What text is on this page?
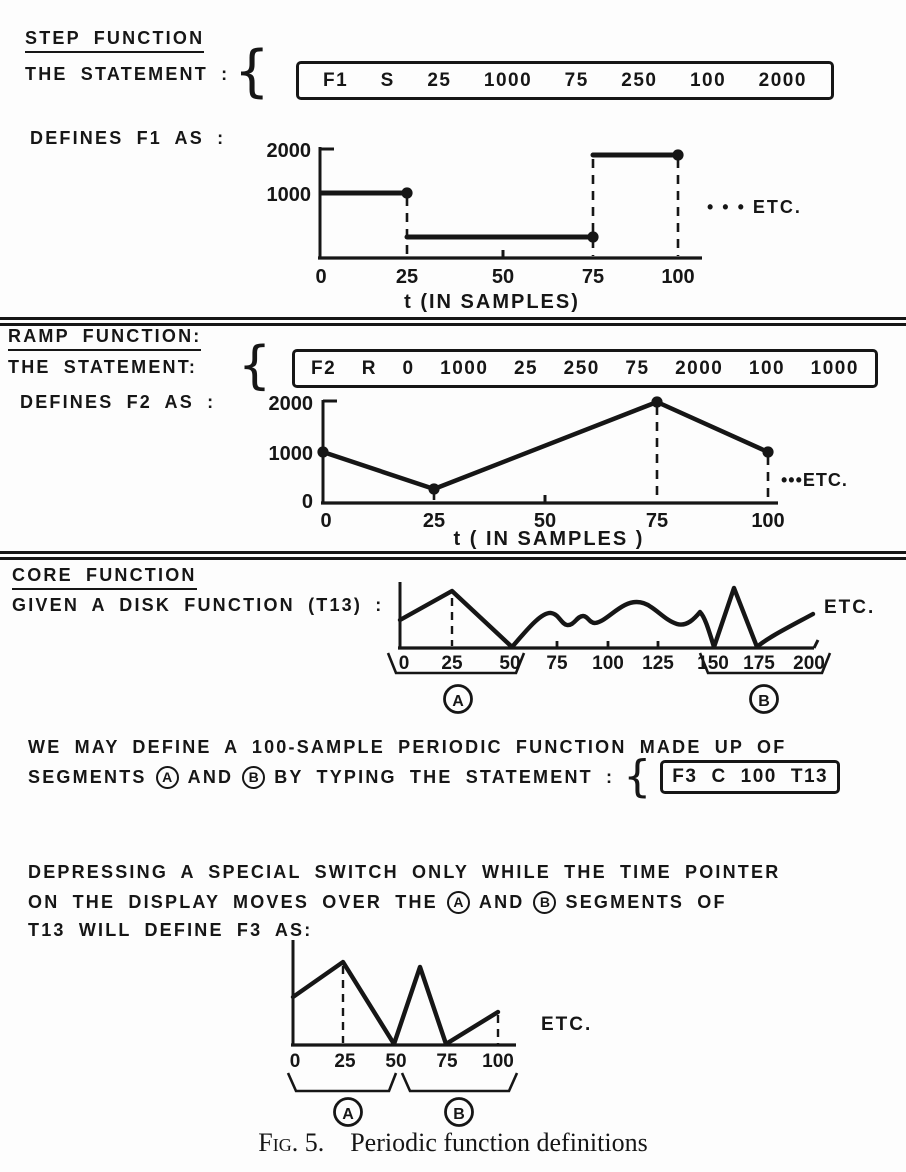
STEP FUNCTION
THE STATEMENT : {	F1 S 25 1000 75 250 100 2000
DEFINES F1 AS :
2000
1000
0	25	50	75	100
• • • ETC.
t (IN SAMPLES)
RAMP FUNCTION:
THE STATEMENT: { F2 R 0 1000 25 250 75 2000 100 1000
DEFINES F2 AS :	2000
1000
0
0	25	50	75	100
•••ETC.
t ( IN SAMPLES )
CORE FUNCTION
GIVEN A DISK FUNCTION (T13) :
0 25 50 75 100 125 150 175 200
A	B
ETC.
WE MAY DEFINE A 100-SAMPLE PERIODIC FUNCTION MADE UP OF
SEGMENTS	A AND	B BY TYPING THE STATEMENT : { F3 C 100 T13
DEPRESSING A SPECIAL SWITCH ONLY WHILE THE TIME POINTER
ON THE DISPLAY MOVES OVER THE	A AND	B SEGMENTS OF
T13 WILL DEFINE F3 AS:
0 25 50 75 100
A	B
ETC.
Fig. 5. Periodic function definitions
